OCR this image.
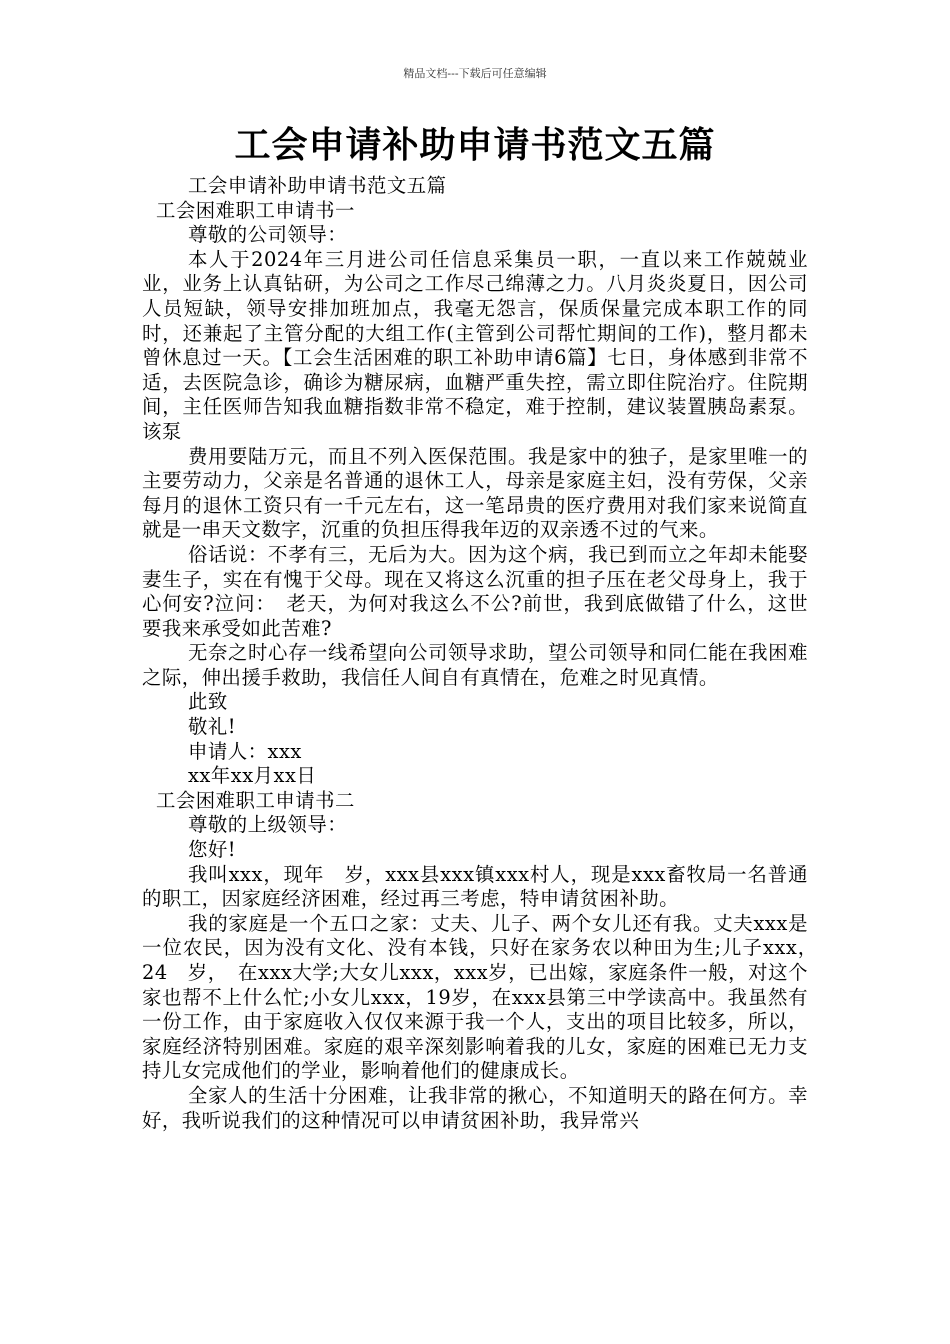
精品文档---下载后可任意编辑
工会申请补助申请书范文五篇

工会申请补助申请书范文五篇

工会困难职工申请书一

尊敬的公司领导：

本人于2024年三月进公司任信息采集员一职，一直以来工作兢兢业业，业务上认真钻研，为公司之工作尽己绵薄之力。八月炎炎夏日，因公司人员短缺，领导安排加班加点，我毫无怨言，保质保量完成本职工作的同时，还兼起了主管分配的大组工作(主管到公司帮忙期间的工作)，整月都未曾休息过一天。【工会生活困难的职工补助申请6篇】七日，身体感到非常不适，去医院急诊，确诊为糖尿病，血糖严重失控，需立即住院治疗。住院期间，主任医师告知我血糖指数非常不稳定，难于控制，建议装置胰岛素泵。该泵

费用要陆万元，而且不列入医保范围。我是家中的独子，是家里唯一的主要劳动力，父亲是名普通的退休工人，母亲是家庭主妇，没有劳保，父亲每月的退休工资只有一千元左右，这一笔昂贵的医疗费用对我们家来说简直就是一串天文数字，沉重的负担压得我年迈的双亲透不过的气来。

俗话说：不孝有三，无后为大。因为这个病，我已到而立之年却未能娶妻生子，实在有愧于父母。现在又将这么沉重的担子压在老父母身上，我于心何安?泣问：　老天，为何对我这么不公?前世，我到底做错了什么，这世要我来承受如此苦难?

无奈之时心存一线希望向公司领导求助，望公司领导和同仁能在我困难之际，伸出援手救助，我信任人间自有真情在，危难之时见真情。

此致

敬礼!

申请人：xxx

xx年xx月xx日

工会困难职工申请书二

尊敬的上级领导：

您好!

我叫xxx，现年　岁，xxx县xxx镇xxx村人，现是xxx畜牧局一名普通的职工，因家庭经济困难，经过再三考虑，特申请贫困补助。

我的家庭是一个五口之家：丈夫、儿子、两个女儿还有我。丈夫xxx是一位农民，因为没有文化、没有本钱，只好在家务农以种田为生;儿子xxx，　24　岁，　在xxx大学;大女儿xxx，xxx岁，已出嫁，家庭条件一般，对这个家也帮不上什么忙;小女儿xxx，19岁，在xxx县第三中学读高中。我虽然有一份工作，由于家庭收入仅仅来源于我一个人，支出的项目比较多，所以，家庭经济特别困难。家庭的艰辛深刻影响着我的儿女，家庭的困难已无力支持儿女完成他们的学业，影响着他们的健康成长。

全家人的生活十分困难，让我非常的揪心，不知道明天的路在何方。幸好，我听说我们的这种情况可以申请贫困补助，我异常兴
